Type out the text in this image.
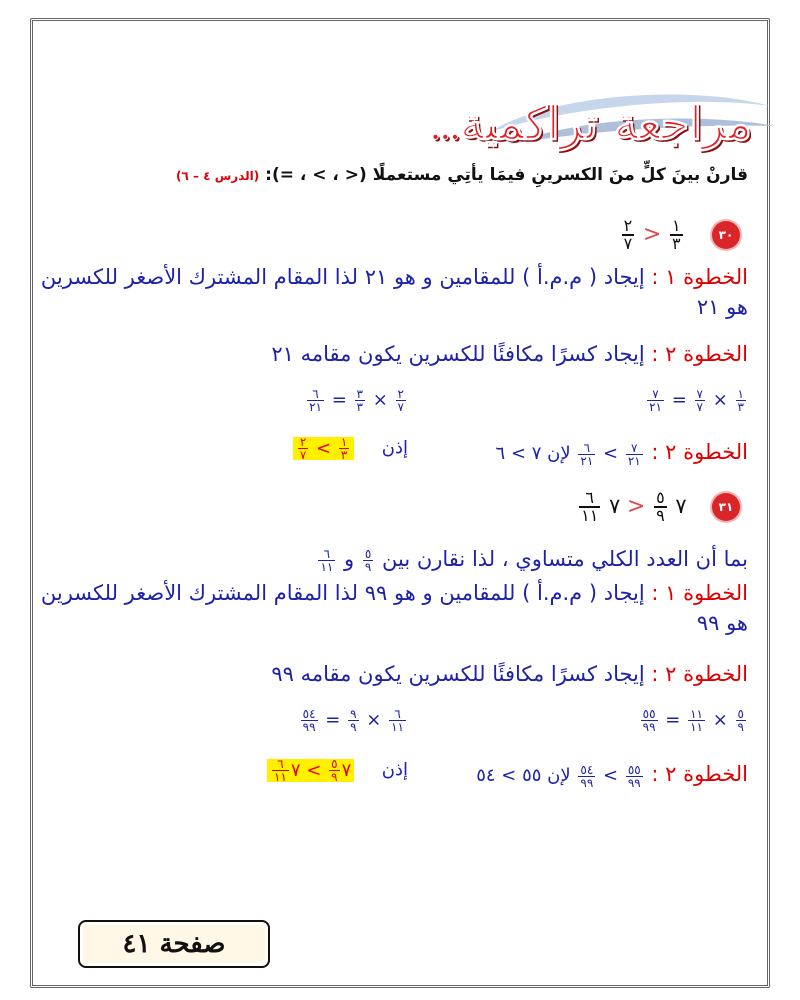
مراجعة تراكمية...
قارنْ بينَ كلٍّ منَ الكسرينِ فيمَا يأتِي مستعملًا (< ، > ، =): (الدرس ٤ – ٦)
٣٠
١
٣
<
٢
٧
الخطوة ١ : إيجاد ( م.م.أ ) للمقامين و هو ٢١ لذا المقام المشترك الأصغر للكسرين هو ٢١
الخطوة ٢ : إيجاد كسرًا مكافئًا للكسرين يكون مقامه ٢١
١
٣
×
٧
٧
=
٧
٢١
٢
٧
×
٣
٣
=
٦
٢١
الخطوة ٢ :
٧
٢١
>
٦
٢١
لإن ٧ > ٦
إذن
١
٣
>
٢
٧
٣١  ٧
٥
٩
< ٧
٦
١١
بما أن العدد الكلي متساوي ، لذا نقارن بين
٥
٩
و
٦
١١
الخطوة ١ : إيجاد ( م.م.أ ) للمقامين و هو ٩٩ لذا المقام المشترك الأصغر للكسرين هو ٩٩
الخطوة ٢ : إيجاد كسرًا مكافئًا للكسرين يكون مقامه ٩٩
٥
٩
×
١١
١١
=
٥٥
٩٩
٦
١١
×
٩
٩
=
٥٤
٩٩
الخطوة ٢ :
٥٥
٩٩
>
٥٤
٩٩
لإن ٥٥ > ٥٤
إذن  ٧
٥
٩
> ٧
٦
١١
صفحة ٤١
